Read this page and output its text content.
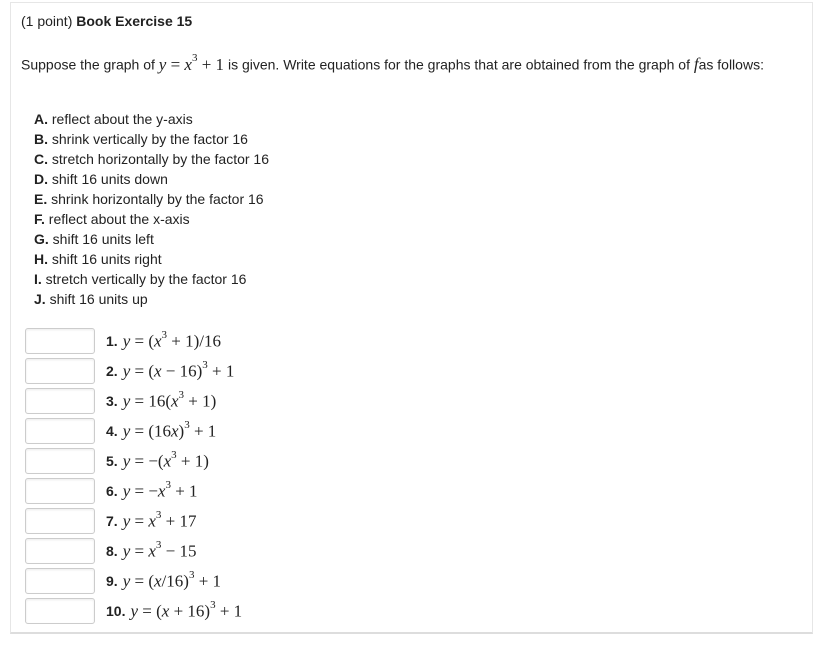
(1 point) Book Exercise 15
Suppose the graph of $y = x^3 + 1$ is given. Write equations for the graphs that are obtained from the graph of fas follows:
A. reflect about the y-axis
B. shrink vertically by the factor 16
C. stretch horizontally by the factor 16
D. shift 16 units down
E. shrink horizontally by the factor 16
F. reflect about the x-axis
G. shift 16 units left
H. shift 16 units right
I. stretch vertically by the factor 16
J. shift 16 units up
1. $y = (x^3 + 1)/16$
2. $y = (x - 16)^3 + 1$
3. $y = 16(x^3 + 1)$
4. $y = (16x)^3 + 1$
5. $y = -(x^3 + 1)$
6. $y = -x^3 + 1$
7. $y = x^3 + 17$
8. $y = x^3 - 15$
9. $y = (x/16)^3 + 1$
10. $y = (x + 16)^3 + 1$
